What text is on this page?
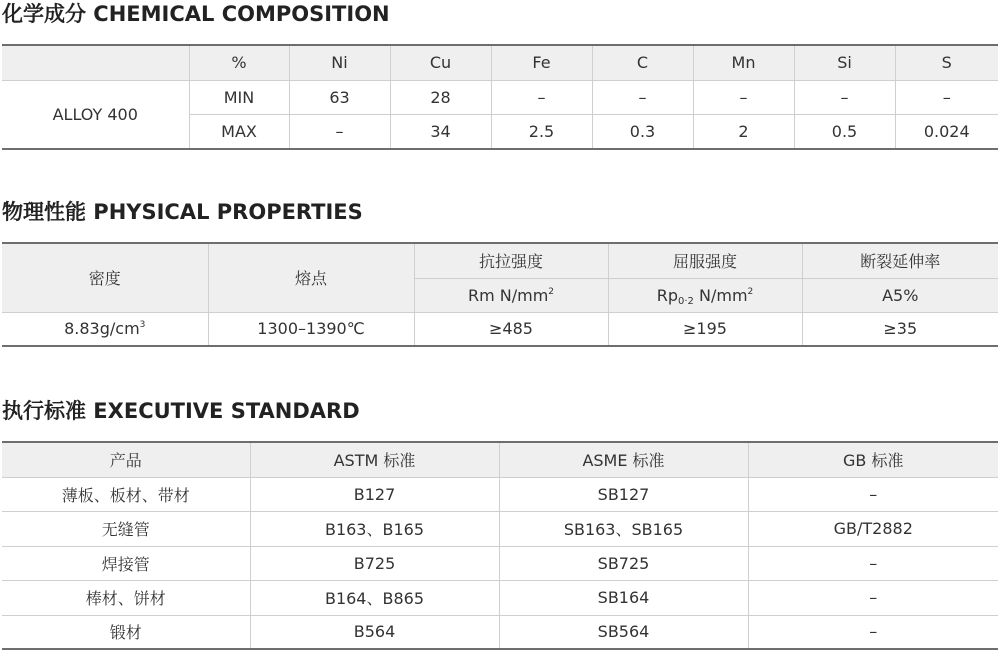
化学成分 CHEMICAL COMPOSITION
	%	Ni	Cu	Fe	C	Mn	Si	S
ALLOY 400	MIN	63	28	–	–	–	–	–
	MAX	–	34	2.5	0.3	2	0.5	0.024
物理性能 PHYSICAL PROPERTIES
密度	熔点	抗拉强度	屈服强度	断裂延伸率
		Rm $N/mm^2$	$Rp_{0\cdot 2}$ $N/mm^2$	A5%
$8.83g/cm^3$	1300–1390℃	≥485	≥195	≥35
执行标准 EXECUTIVE STANDARD
产品	ASTM 标准	ASME 标准	GB 标准
薄板、板材、带材	B127	SB127	–
无缝管	B163、B165	SB163、SB165	GB/T2882
焊接管	B725	SB725	–
棒材、饼材	B164、B865	SB164	–
锻材	B564	SB564	–
